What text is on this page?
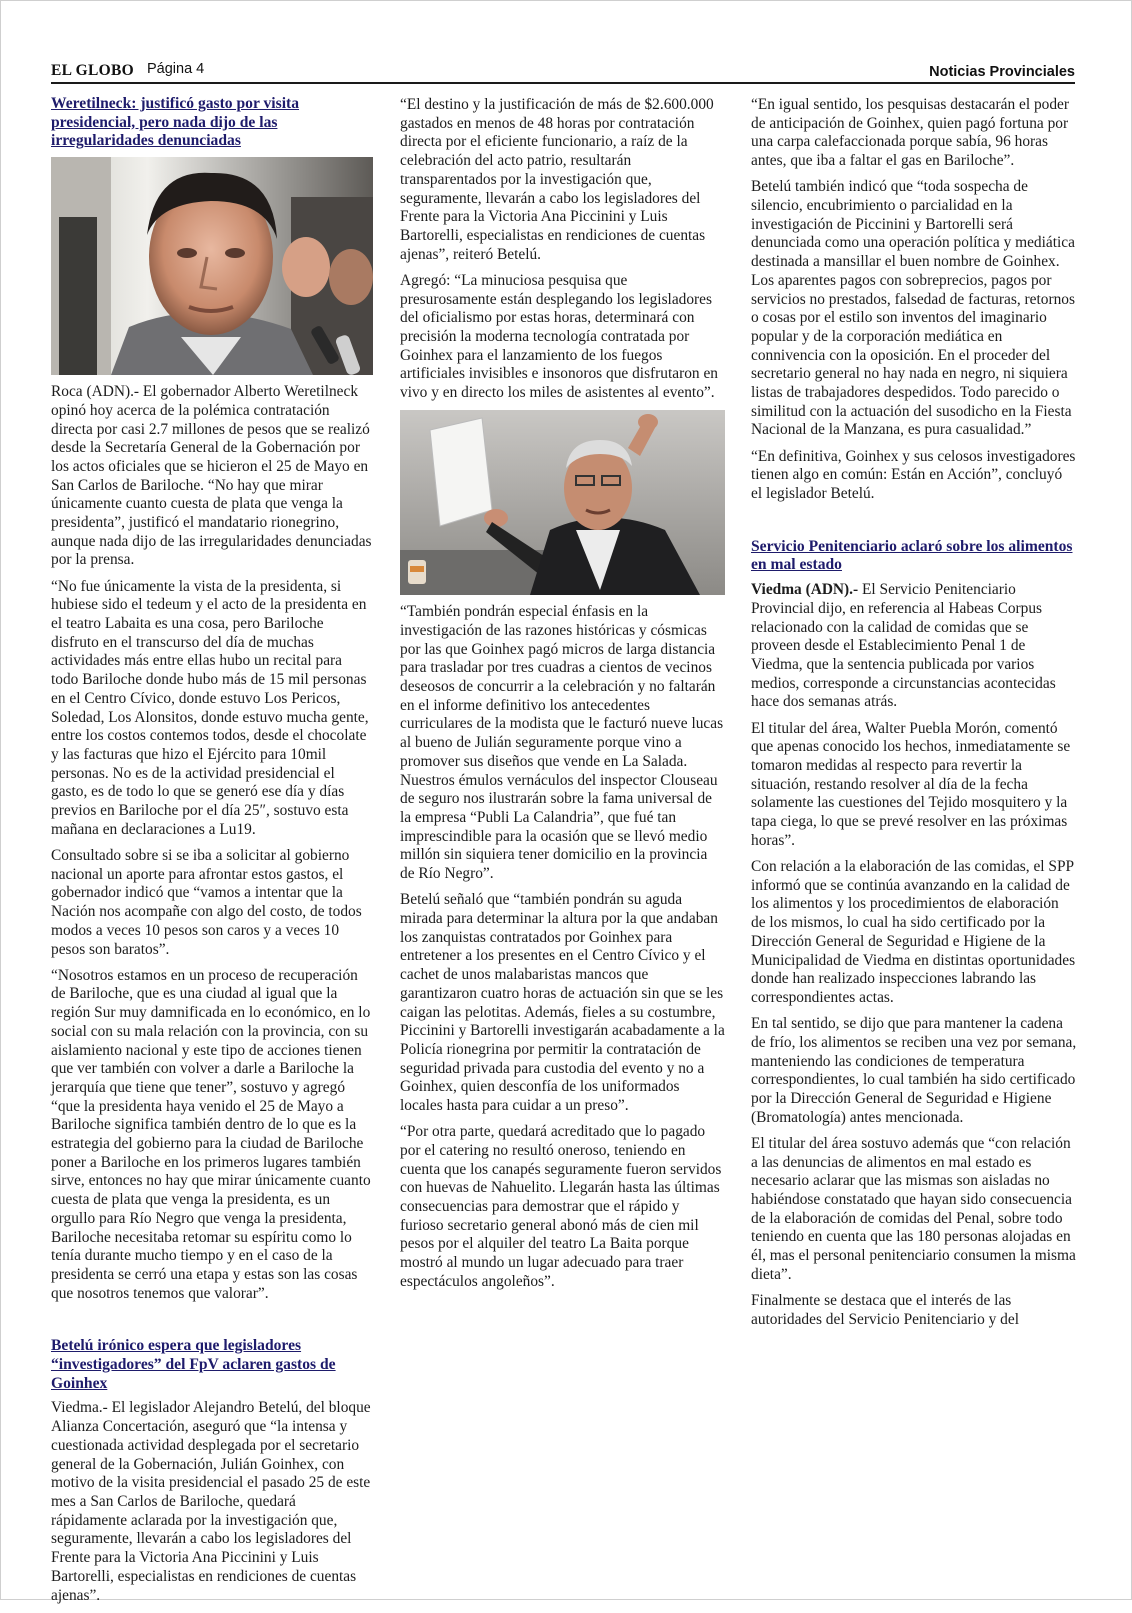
EL GLOBO Página 4	Noticias Provinciales
Weretilneck: justificó gasto por visita presidencial, pero nada dijo de las irregularidades denunciadas

Roca (ADN).- El gobernador Alberto Weretilneck opinó hoy acerca de la polémica contratación directa por casi 2.7 millones de pesos que se realizó desde la Secretaría General de la Gobernación por los actos oficiales que se hicieron el 25 de Mayo en San Carlos de Bariloche. “No hay que mirar únicamente cuanto cuesta de plata que venga la presidenta”, justificó el mandatario rionegrino, aunque nada dijo de las irregularidades denunciadas por la prensa.

“No fue únicamente la vista de la presidenta, si hubiese sido el tedeum y el acto de la presidenta en el teatro Labaita es una cosa, pero Bariloche disfruto en el transcurso del día de muchas actividades más entre ellas hubo un recital para todo Bariloche donde hubo más de 15 mil personas en el Centro Cívico, donde estuvo Los Pericos, Soledad, Los Alonsitos, donde estuvo mucha gente, entre los costos contemos todos, desde el chocolate y las facturas que hizo el Ejército para 10mil personas. No es de la actividad presidencial el gasto, es de todo lo que se generó ese día y días previos en Bariloche por el día 25″, sostuvo esta mañana en declaraciones a Lu19.

Consultado sobre si se iba a solicitar al gobierno nacional un aporte para afrontar estos gastos, el gobernador indicó que “vamos a intentar que la Nación nos acompañe con algo del costo, de todos modos a veces 10 pesos son caros y a veces 10 pesos son baratos”.

“Nosotros estamos en un proceso de recuperación de Bariloche, que es una ciudad al igual que la región Sur muy damnificada en lo económico, en lo social con su mala relación con la provincia, con su aislamiento nacional y este tipo de acciones tienen que ver también con volver a darle a Bariloche la jerarquía que tiene que tener”, sostuvo y agregó “que la presidenta haya venido el 25 de Mayo a Bariloche significa también dentro de lo que es la estrategia del gobierno para la ciudad de Bariloche poner a Bariloche en los primeros lugares también sirve, entonces no hay que mirar únicamente cuanto cuesta de plata que venga la presidenta, es un orgullo para Río Negro que venga la presidenta, Bariloche necesitaba retomar su espíritu como lo tenía durante mucho tiempo y en el caso de la presidenta se cerró una etapa y estas son las cosas que nosotros tenemos que valorar”.

Betelú irónico espera que legisladores “investigadores” del FpV aclaren gastos de Goinhex

Viedma.- El legislador Alejandro Betelú, del bloque Alianza Concertación, aseguró que “la intensa y cuestionada actividad desplegada por el secretario general de la Gobernación, Julián Goinhex, con motivo de la visita presidencial el pasado 25 de este mes a San Carlos de Bariloche, quedará rápidamente aclarada por la investigación que, seguramente, llevarán a cabo los legisladores del Frente para la Victoria Ana Piccinini y Luis Bartorelli, especialistas en rendiciones de cuentas ajenas”.

“El destino y la justificación de más de $2.600.000 gastados en menos de 48 horas por contratación directa por el eficiente funcionario, a raíz de la celebración del acto patrio, resultarán transparentados por la investigación que, seguramente, llevarán a cabo los legisladores del Frente para la Victoria Ana Piccinini y Luis Bartorelli, especialistas en rendiciones de cuentas ajenas”, reiteró Betelú.

Agregó: “La minuciosa pesquisa que presurosamente están desplegando los legisladores del oficialismo por estas horas, determinará con precisión la moderna tecnología contratada por Goinhex para el lanzamiento de los fuegos artificiales invisibles e insonoros que disfrutaron en vivo y en directo los miles de asistentes al evento”.

“También pondrán especial énfasis en la investigación de las razones históricas y cósmicas por las que Goinhex pagó micros de larga distancia para trasladar por tres cuadras a cientos de vecinos deseosos de concurrir a la celebración y no faltarán en el informe definitivo los antecedentes curriculares de la modista que le facturó nueve lucas al bueno de Julián seguramente porque vino a promover sus diseños que vende en La Salada. Nuestros émulos vernáculos del inspector Clouseau de seguro nos ilustrarán sobre la fama universal de la empresa “Publi La Calandria”, que fué tan imprescindible para la ocasión que se llevó medio millón sin siquiera tener domicilio en la provincia de Río Negro”.

Betelú señaló que “también pondrán su aguda mirada para determinar la altura por la que andaban los zanquistas contratados por Goinhex para entretener a los presentes en el Centro Cívico y el cachet de unos malabaristas mancos que garantizaron cuatro horas de actuación sin que se les caigan las pelotitas. Además, fieles a su costumbre, Piccinini y Bartorelli investigarán acabadamente a la Policía rionegrina por permitir la contratación de seguridad privada para custodia del evento y no a Goinhex, quien desconfía de los uniformados locales hasta para cuidar a un preso”.

“Por otra parte, quedará acreditado que lo pagado por el catering no resultó oneroso, teniendo en cuenta que los canapés seguramente fueron servidos con huevas de Nahuelito. Llegarán hasta las últimas consecuencias para demostrar que el rápido y furioso secretario general abonó más de cien mil pesos por el alquiler del teatro La Baita porque mostró al mundo un lugar adecuado para traer espectáculos angoleños”.

“En igual sentido, los pesquisas destacarán el poder de anticipación de Goinhex, quien pagó fortuna por una carpa calefaccionada porque sabía, 96 horas antes, que iba a faltar el gas en Bariloche”.

Betelú también indicó que “toda sospecha de silencio, encubrimiento o parcialidad en la investigación de Piccinini y Bartorelli será denunciada como una operación política y mediática destinada a mansillar el buen nombre de Goinhex. Los aparentes pagos con sobreprecios, pagos por servicios no prestados, falsedad de facturas, retornos o cosas por el estilo son inventos del imaginario popular y de la corporación mediática en connivencia con la oposición. En el proceder del secretario general no hay nada en negro, ni siquiera listas de trabajadores despedidos. Todo parecido o similitud con la actuación del susodicho en la Fiesta Nacional de la Manzana, es pura casualidad.”

“En definitiva, Goinhex y sus celosos investigadores tienen algo en común: Están en Acción”, concluyó el legislador Betelú.

Servicio Penitenciario aclaró sobre los alimentos en mal estado

Viedma (ADN).- El Servicio Penitenciario Provincial dijo, en referencia al Habeas Corpus relacionado con la calidad de comidas que se proveen desde el Establecimiento Penal 1 de Viedma, que la sentencia publicada por varios medios, corresponde a circunstancias acontecidas hace dos semanas atrás.

El titular del área, Walter Puebla Morón, comentó que apenas conocido los hechos, inmediatamente se tomaron medidas al respecto para revertir la situación, restando resolver al día de la fecha solamente las cuestiones del Tejido mosquitero y la tapa ciega, lo que se prevé resolver en las próximas horas”.

Con relación a la elaboración de las comidas, el SPP informó que se continúa avanzando en la calidad de los alimentos y los procedimientos de elaboración de los mismos, lo cual ha sido certificado por la Dirección General de Seguridad e Higiene de la Municipalidad de Viedma en distintas oportunidades donde han realizado inspecciones labrando las correspondientes actas.

En tal sentido, se dijo que para mantener la cadena de frío, los alimentos se reciben una vez por semana, manteniendo las condiciones de temperatura correspondientes, lo cual también ha sido certificado por la Dirección General de Seguridad e Higiene (Bromatología) antes mencionada.

El titular del área sostuvo además que “con relación a las denuncias de alimentos en mal estado es necesario aclarar que las mismas son aisladas no habiéndose constatado que hayan sido consecuencia de la elaboración de comidas del Penal, sobre todo teniendo en cuenta que las 180 personas alojadas en él, mas el personal penitenciario consumen la misma dieta”.

Finalmente se destaca que el interés de las autoridades del Servicio Penitenciario y del
